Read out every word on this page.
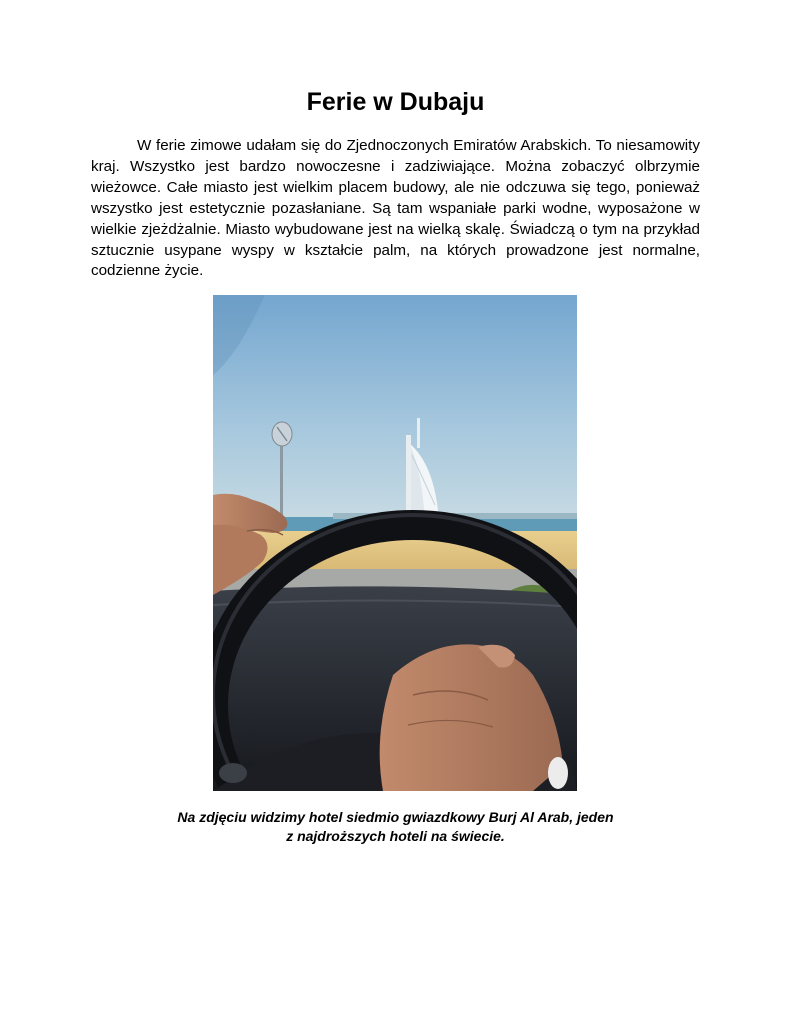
Ferie w Dubaju

W ferie zimowe udałam się do Zjednoczonych Emiratów Arabskich. To niesamowity kraj. Wszystko jest bardzo nowoczesne i zadziwiające. Można zobaczyć olbrzymie wieżowce. Całe miasto jest wielkim placem budowy, ale nie odczuwa się tego, ponieważ wszystko jest estetycznie pozasłaniane. Są tam wspaniałe parki wodne, wyposażone w wielkie zjeżdżalnie. Miasto wybudowane jest na wielką skalę. Świadczą o tym na przykład sztucznie usypane wyspy w kształcie palm, na których prowadzone jest normalne, codzienne życie.

Na zdjęciu widzimy hotel siedmio gwiazdkowy Burj Al Arab, jeden
z najdroższych hoteli na świecie.
